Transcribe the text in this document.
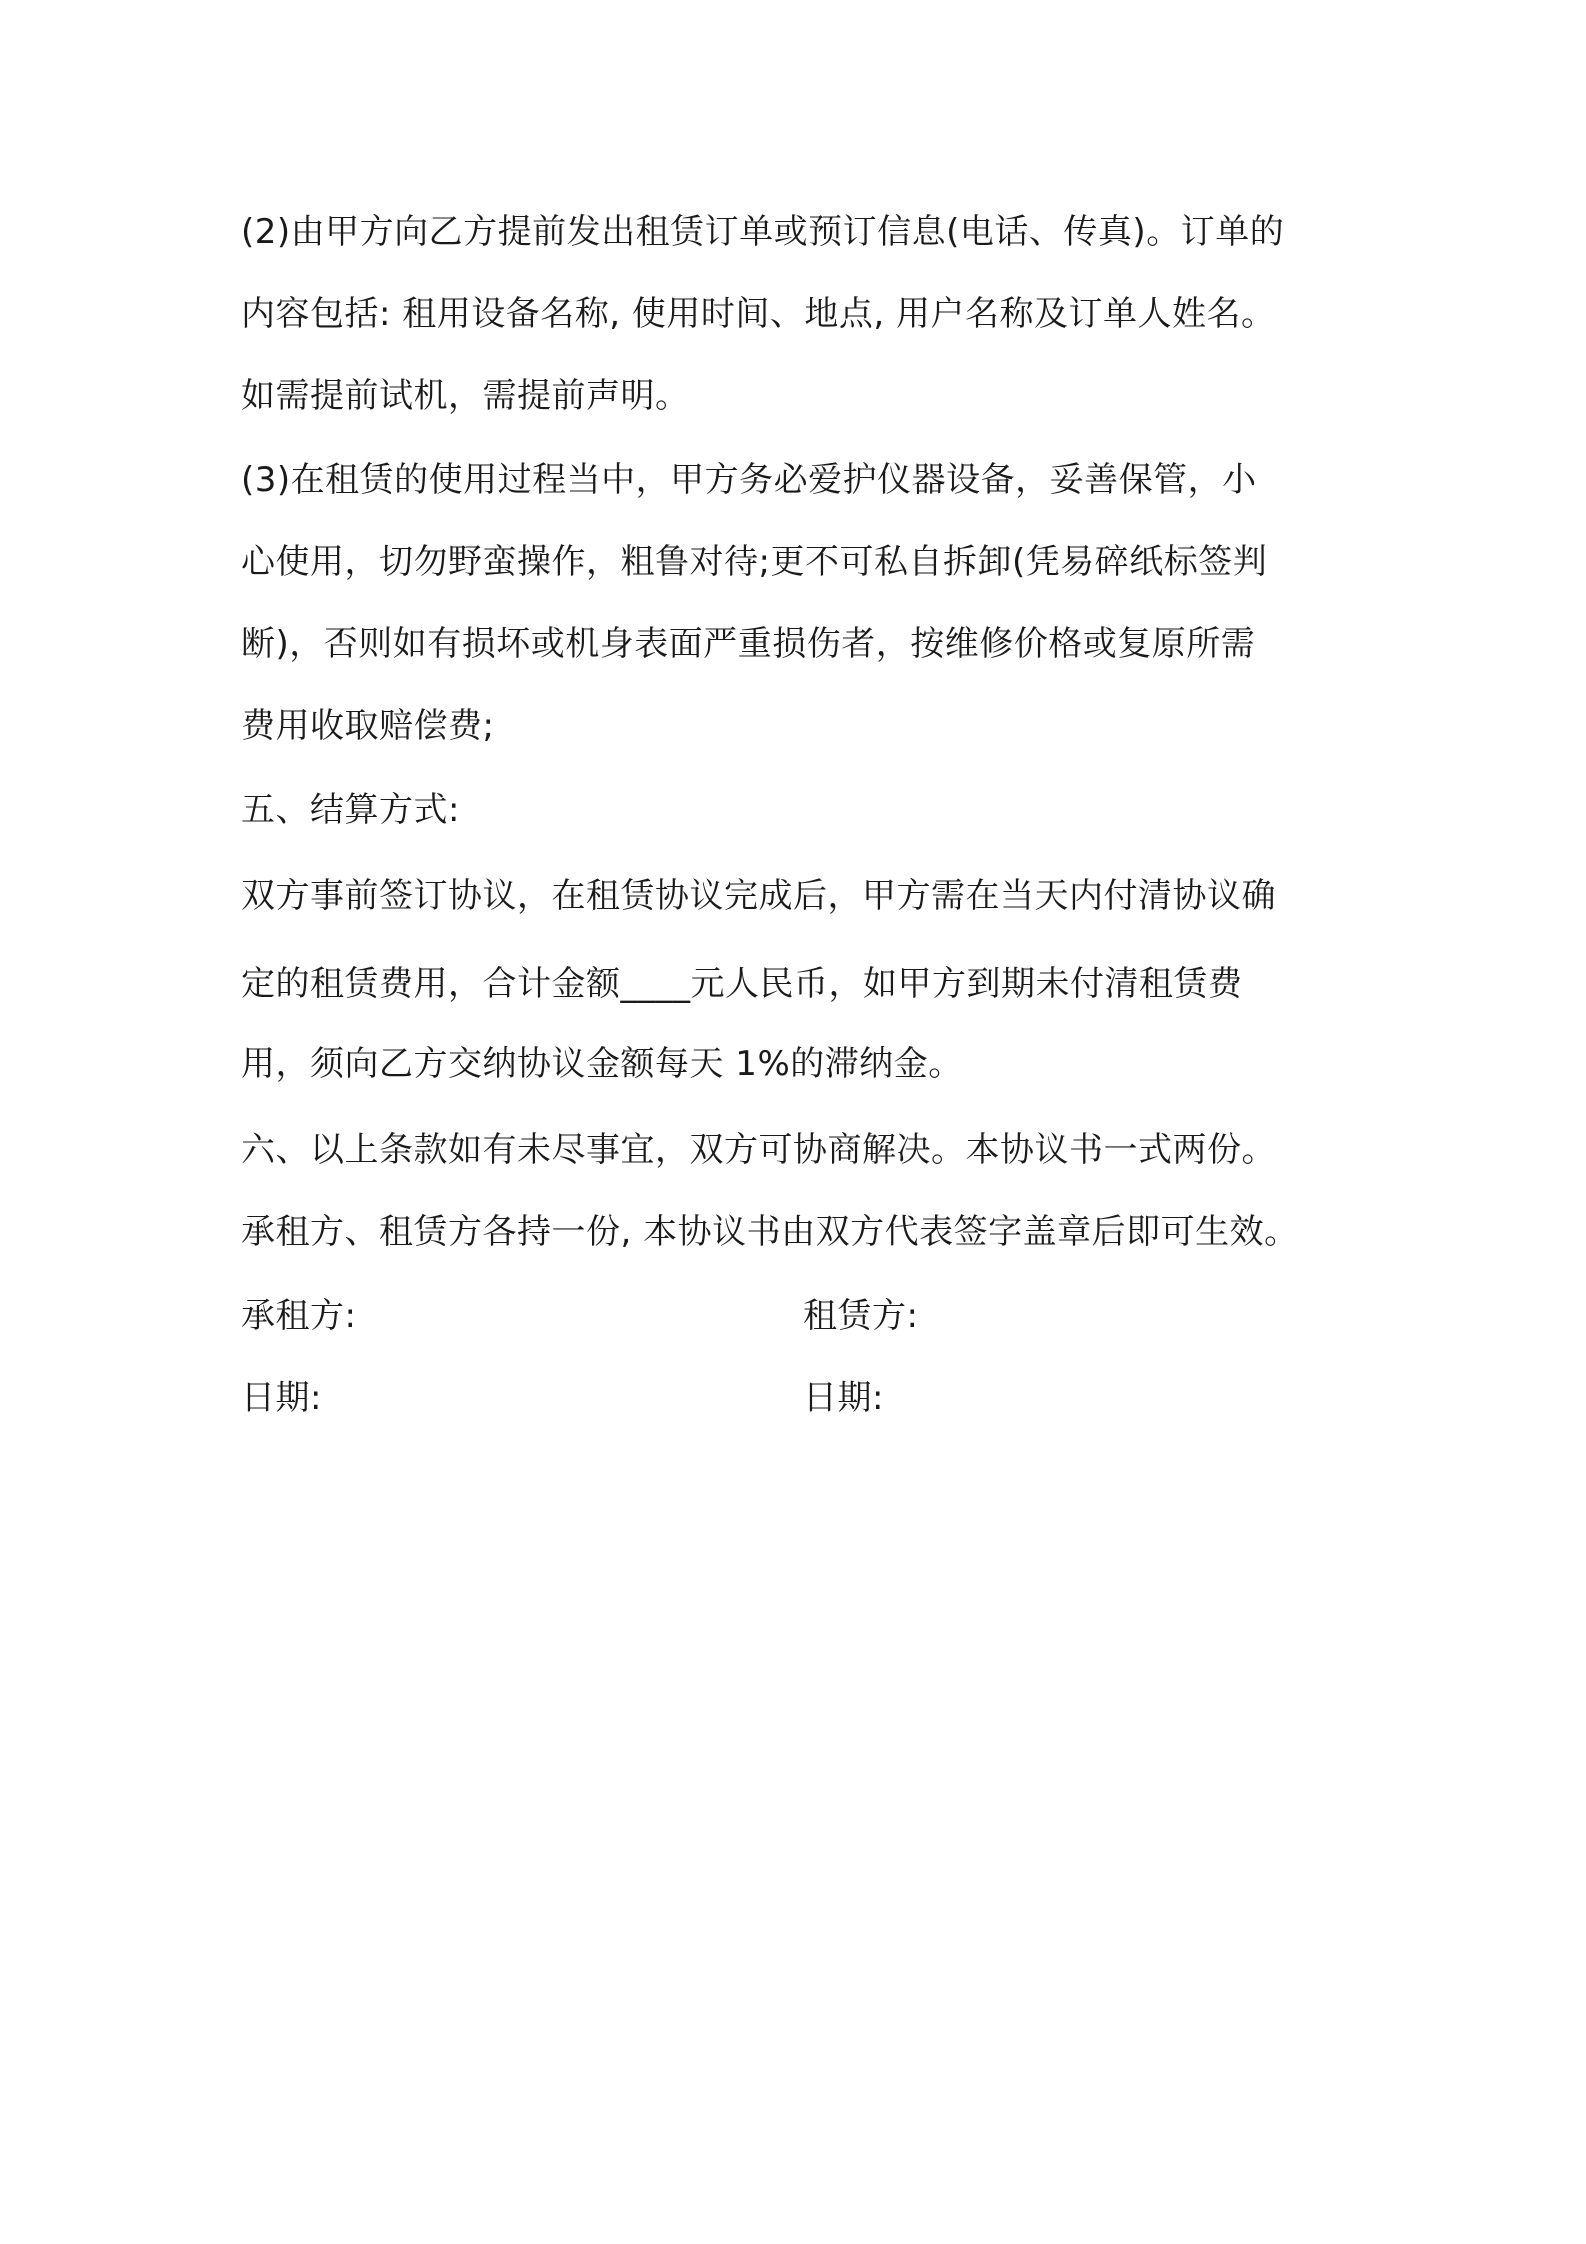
(2)由甲方向乙方提前发出租赁订单或预订信息(电话、传真)。订单的
内容包括: 租用设备名称, 使用时间、地点, 用户名称及订单人姓名。
如需提前试机，需提前声明。
(3)在租赁的使用过程当中，甲方务必爱护仪器设备，妥善保管，小
心使用，切勿野蛮操作，粗鲁对待;更不可私自拆卸(凭易碎纸标签判
断)，否则如有损坏或机身表面严重损伤者，按维修价格或复原所需
费用收取赔偿费;
五、结算方式:
双方事前签订协议，在租赁协议完成后，甲方需在当天内付清协议确
定的租赁费用，合计金额____元人民币，如甲方到期未付清租赁费
用，须向乙方交纳协议金额每天 1%的滞纳金。
六、以上条款如有未尽事宜，双方可协商解决。本协议书一式两份。
承租方、租赁方各持一份, 本协议书由双方代表签字盖章后即可生效。
承租方:	租赁方:
日期:	日期:
